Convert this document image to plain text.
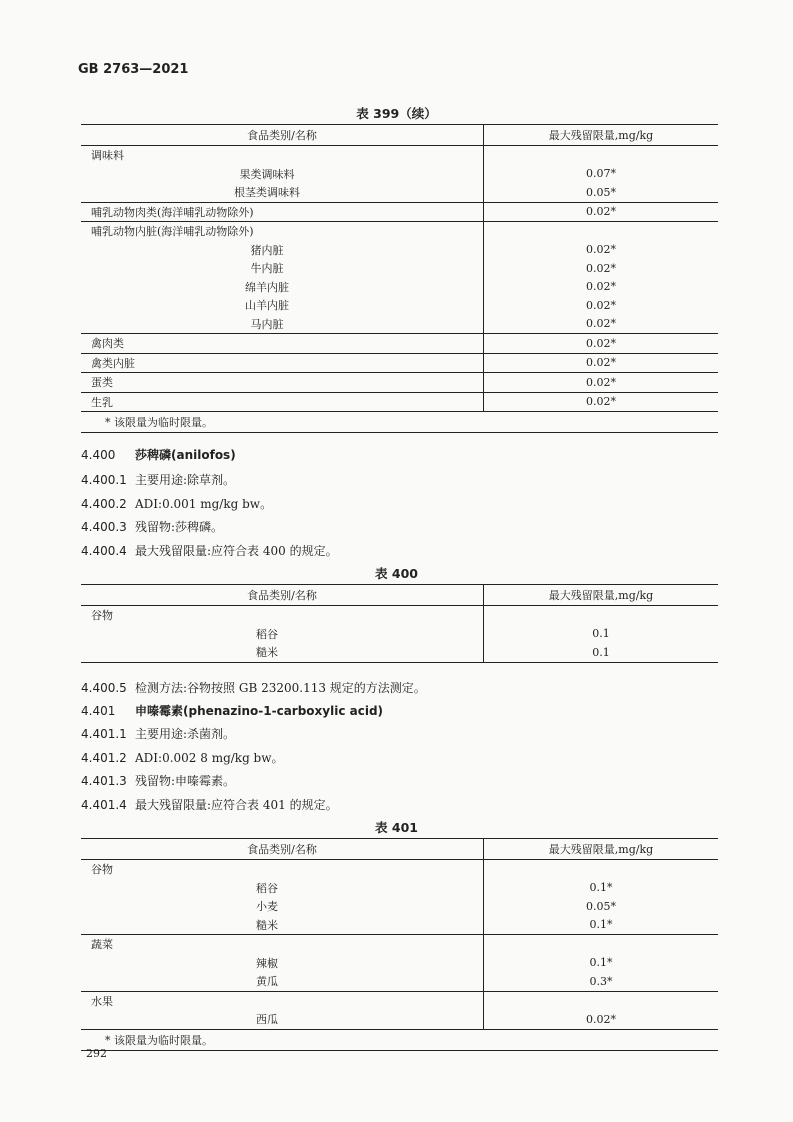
GB 2763—2021
表 399（续）
食品类别/名称	最大残留限量,mg/kg
调味料	
果类调味料	0.07*
根茎类调味料	0.05*
哺乳动物肉类(海洋哺乳动物除外)	0.02*
哺乳动物内脏(海洋哺乳动物除外)	
猪内脏	0.02*
牛内脏	0.02*
绵羊内脏	0.02*
山羊内脏	0.02*
马内脏	0.02*
禽肉类	0.02*
禽类内脏	0.02*
蛋类	0.02*
生乳	0.02*
* 该限量为临时限量。	
4.400 莎稗磷(anilofos)
4.400.1 主要用途:除草剂。
4.400.2 ADI:0.001 mg/kg bw。
4.400.3 残留物:莎稗磷。
4.400.4 最大残留限量:应符合表 400 的规定。
表 400
食品类别/名称	最大残留限量,mg/kg
谷物	
稻谷	0.1
糙米	0.1
4.400.5 检测方法:谷物按照 GB 23200.113 规定的方法测定。
4.401 申嗪霉素(phenazino-1-carboxylic acid)
4.401.1 主要用途:杀菌剂。
4.401.2 ADI:0.002 8 mg/kg bw。
4.401.3 残留物:申嗪霉素。
4.401.4 最大残留限量:应符合表 401 的规定。
表 401
食品类别/名称	最大残留限量,mg/kg
谷物	
稻谷	0.1*
小麦	0.05*
糙米	0.1*
蔬菜	
辣椒	0.1*
黄瓜	0.3*
水果	
西瓜	0.02*
* 该限量为临时限量。	
292
